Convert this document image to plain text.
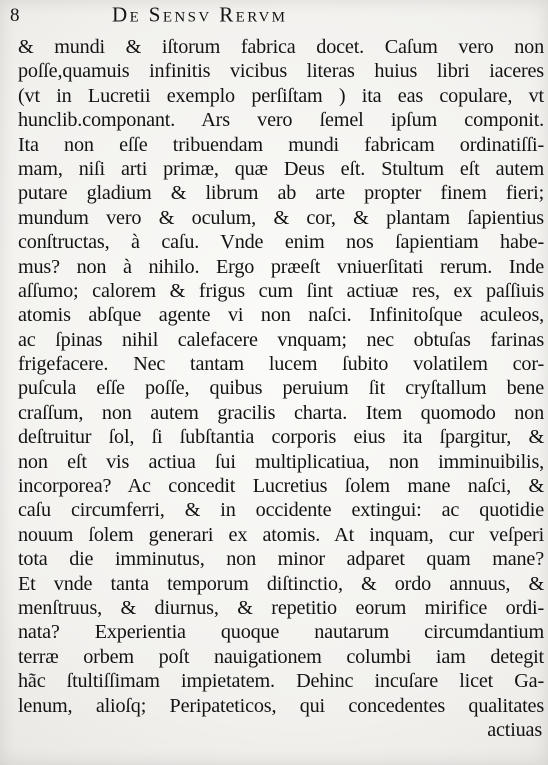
8	De Sensv Rervm
& mundi & iſtorum fabrica docet. Caſum vero non
poſſe,quamuis infinitis vicibus literas huius libri iaceres
(vt in Lucretii exemplo perſiſtam ) ita eas copulare, vt
hunclib.componant. Ars vero ſemel ipſum componit.
Ita non eſſe tribuendam mundi fabricam ordinatiſſi-
mam, niſi arti primæ, quæ Deus eſt. Stultum eſt autem
putare gladium & librum ab arte propter finem fieri;
mundum vero & oculum, & cor, & plantam ſapientius
conſtructas, à caſu. Vnde enim nos ſapientiam habe-
mus? non à nihilo. Ergo præeſt vniuerſitati rerum. Inde
aſſumo; calorem & frigus cum ſint actiuæ res, ex paſſiuis
atomis abſque agente vi non naſci. Infinitoſque aculeos,
ac ſpinas nihil calefacere vnquam; nec obtuſas farinas
frigefacere. Nec tantam lucem ſubito volatilem cor-
puſcula eſſe poſſe, quibus peruium ſit cryſtallum bene
craſſum, non autem gracilis charta. Item quomodo non
deſtruitur ſol, ſi ſubſtantia corporis eius ita ſpargitur, &
non eſt vis actiua ſui multiplicatiua, non imminuibilis,
incorporea? Ac concedit Lucretius ſolem mane naſci, &
caſu circumferri, & in occidente extingui: ac quotidie
nouum ſolem generari ex atomis. At inquam, cur veſperi
tota die imminutus, non minor adparet quam mane?
Et vnde tanta temporum diſtinctio, & ordo annuus, &
menſtruus, & diurnus, & repetitio eorum mirifice ordi-
nata? Experientia quoque nautarum circumdantium
terræ orbem poſt nauigationem columbi iam detegit
hãc ſtultiſſimam impietatem. Dehinc incuſare licet Ga-
lenum, alioſq; Peripateticos, qui concedentes qualitates
actiuas
